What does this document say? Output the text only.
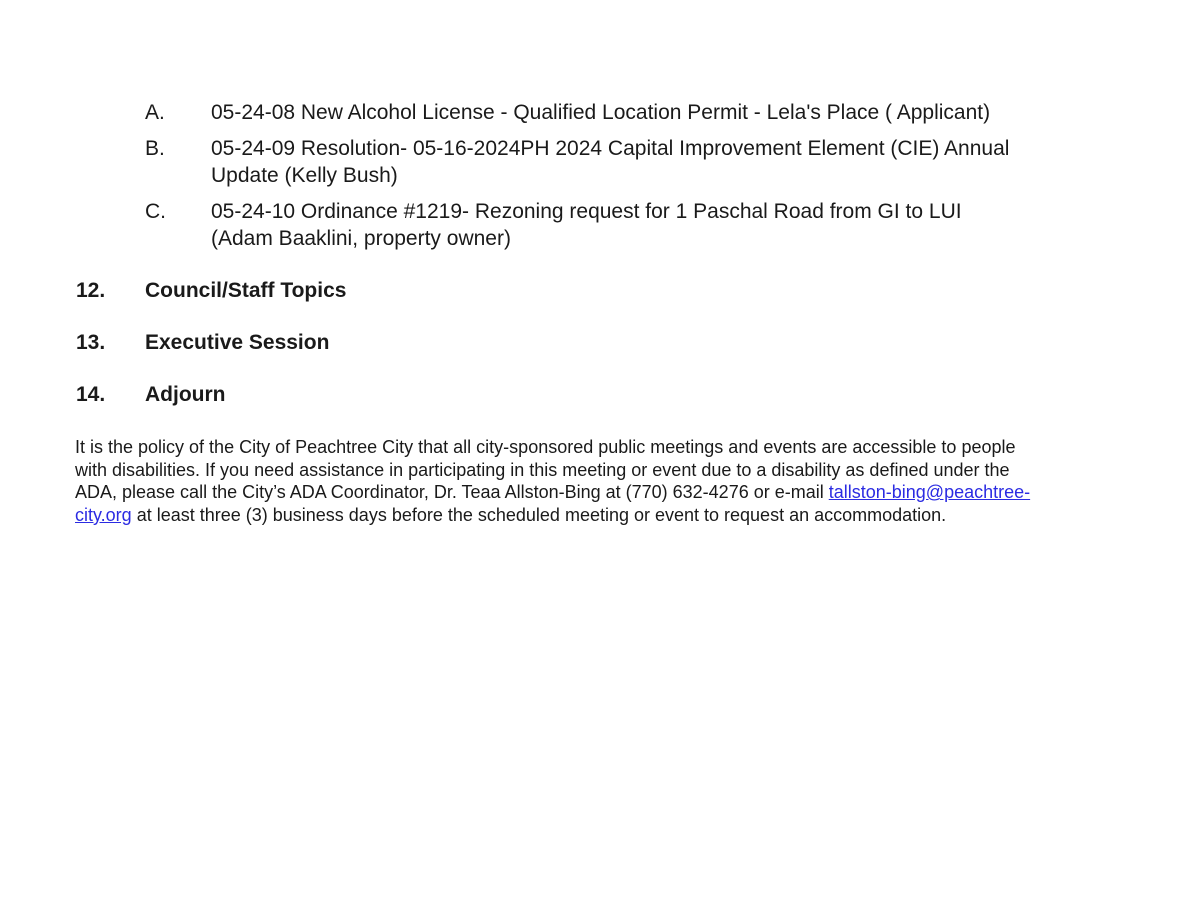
A.	05-24-08 New Alcohol License - Qualified Location Permit - Lela's Place ( Applicant)
B.	05-24-09 Resolution- 05-16-2024PH 2024 Capital Improvement Element (CIE) Annual
Update (Kelly Bush)
C.	05-24-10 Ordinance #1219- Rezoning request for 1 Paschal Road from GI to LUI
(Adam Baaklini, property owner)
12.	Council/Staff Topics
13.	Executive Session
14.	Adjourn
It is the policy of the City of Peachtree City that all city-sponsored public meetings and events are accessible to people
with disabilities. If you need assistance in participating in this meeting or event due to a disability as defined under the
ADA, please call the City’s ADA Coordinator, Dr. Teaa Allston-Bing at (770) 632-4276 or e-mail tallston-bing@peachtree-
city.org at least three (3) business days before the scheduled meeting or event to request an accommodation.
